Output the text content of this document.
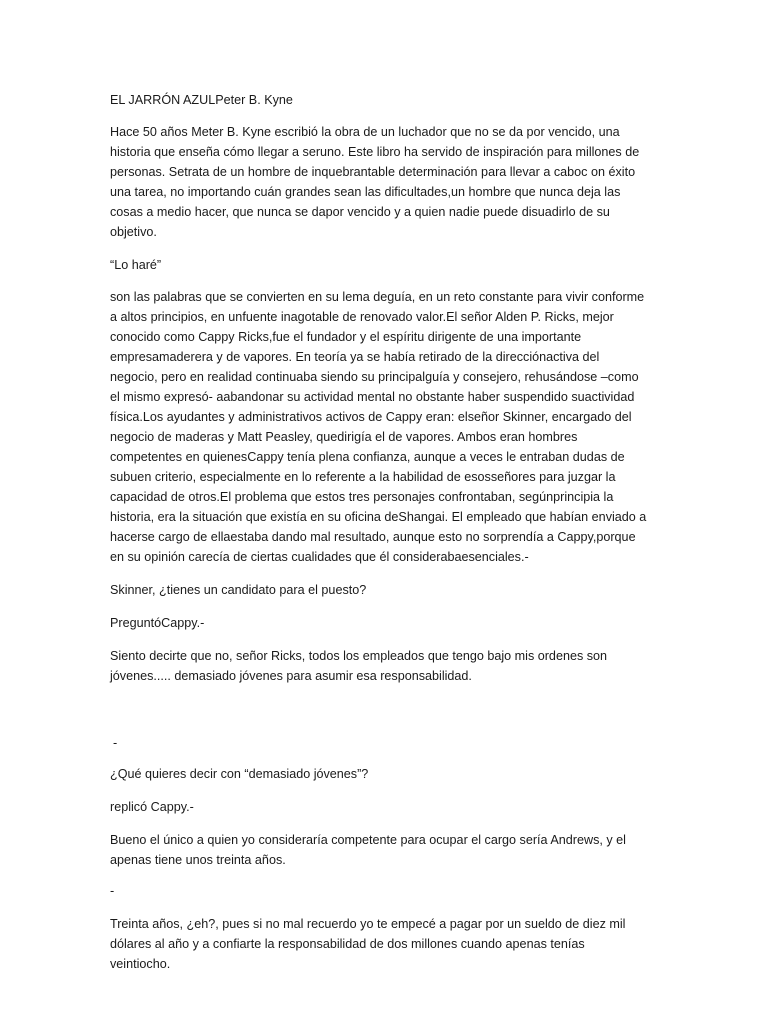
EL JARRÓN AZULPeter B. Kyne

Hace 50 años Meter B. Kyne escribió la obra de un luchador que no se da por vencido, una
historia que enseña cómo llegar a seruno. Este libro ha servido de inspiración para millones de
personas. Setrata de un hombre de inquebrantable determinación para llevar a caboc on éxito
una tarea, no importando cuán grandes sean las dificultades,un hombre que nunca deja las
cosas a medio hacer, que nunca se dapor vencido y a quien nadie puede disuadirlo de su
objetivo.

“Lo haré”

son las palabras que se convierten en su lema deguía, en un reto constante para vivir conforme
a altos principios, en unfuente inagotable de renovado valor.El señor Alden P. Ricks, mejor
conocido como Cappy Ricks,fue el fundador y el espíritu dirigente de una importante
empresamaderera y de vapores. En teoría ya se había retirado de la direcciónactiva del
negocio, pero en realidad continuaba siendo su principalguía y consejero, rehusándose –como
el mismo expresó- aabandonar su actividad mental no obstante haber suspendido suactividad
física.Los ayudantes y administrativos activos de Cappy eran: elseñor Skinner, encargado del
negocio de maderas y Matt Peasley, quedirigía el de vapores. Ambos eran hombres
competentes en quienesCappy tenía plena confianza, aunque a veces le entraban dudas de
subuen criterio, especialmente en lo referente a la habilidad de esosseñores para juzgar la
capacidad de otros.El problema que estos tres personajes confrontaban, segúnprincipia la
historia, era la situación que existía en su oficina deShangai. El empleado que habían enviado a
hacerse cargo de ellaestaba dando mal resultado, aunque esto no sorprendía a Cappy,porque
en su opinión carecía de ciertas cualidades que él considerabaesenciales.-

Skinner, ¿tienes un candidato para el puesto?

PreguntóCappy.-

Siento decirte que no, señor Ricks, todos los empleados que tengo bajo mis ordenes son
jóvenes..... demasiado jóvenes para asumir esa responsabilidad.

-

¿Qué quieres decir con “demasiado jóvenes”?

replicó Cappy.-

Bueno el único a quien yo consideraría competente para ocupar el cargo sería Andrews, y el
apenas tiene unos treinta años.

-

Treinta años, ¿eh?, pues si no mal recuerdo yo te empecé a pagar por un sueldo de diez mil
dólares al año y a confiarte la responsabilidad de dos millones cuando apenas tenías
veintiocho.
